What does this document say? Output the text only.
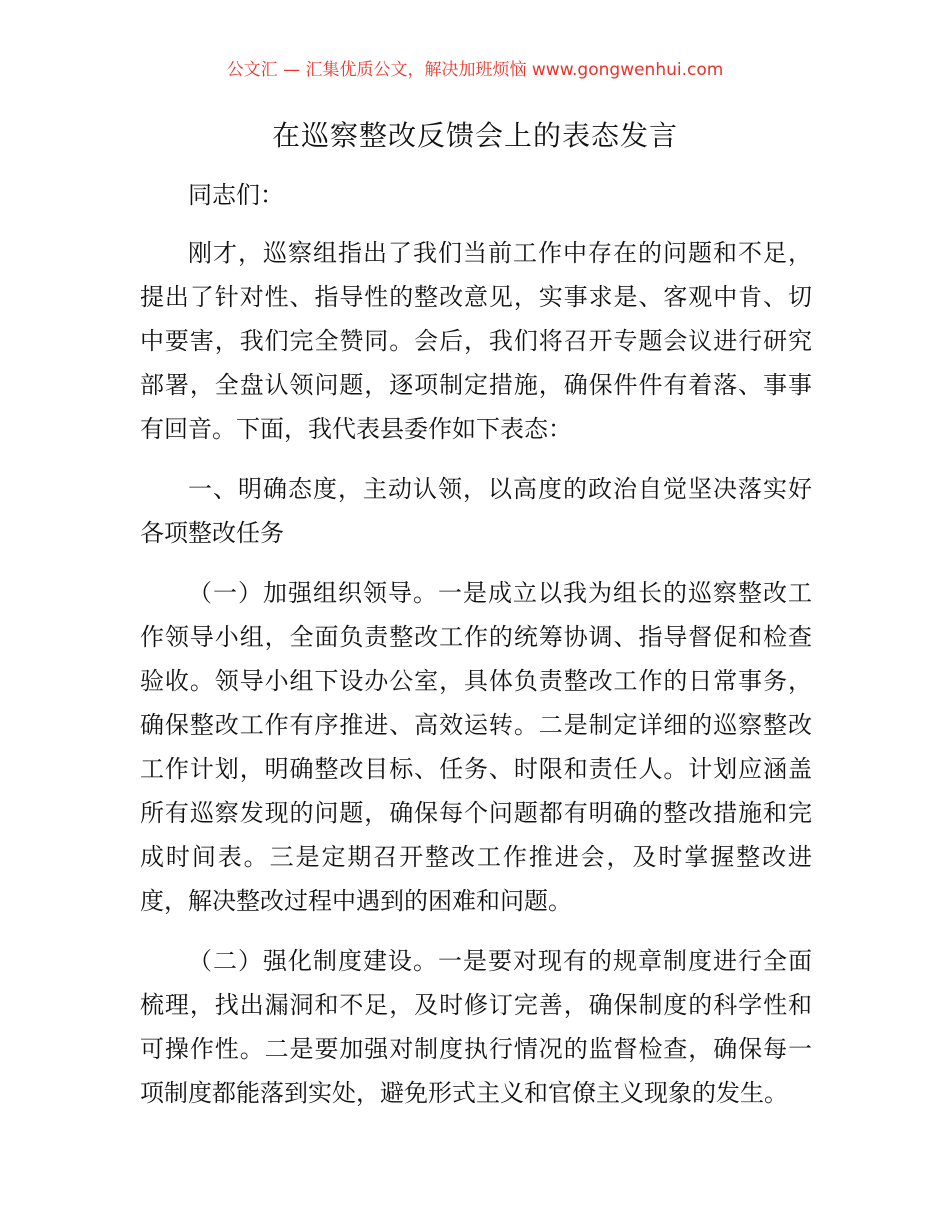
公文汇 — 汇集优质公文，解决加班烦恼 www.gongwenhui.com
在巡察整改反馈会上的表态发言
同志们：
刚才，巡察组指出了我们当前工作中存在的问题和不足，
提出了针对性、指导性的整改意见，实事求是、客观中肯、切
中要害，我们完全赞同。会后，我们将召开专题会议进行研究
部署，全盘认领问题，逐项制定措施，确保件件有着落、事事
有回音。下面，我代表县委作如下表态：
一、明确态度，主动认领，以高度的政治自觉坚决落实好
各项整改任务
（一）加强组织领导。一是成立以我为组长的巡察整改工
作领导小组，全面负责整改工作的统筹协调、指导督促和检查
验收。领导小组下设办公室，具体负责整改工作的日常事务，
确保整改工作有序推进、高效运转。二是制定详细的巡察整改
工作计划，明确整改目标、任务、时限和责任人。计划应涵盖
所有巡察发现的问题，确保每个问题都有明确的整改措施和完
成时间表。三是定期召开整改工作推进会，及时掌握整改进
度，解决整改过程中遇到的困难和问题。
（二）强化制度建设。一是要对现有的规章制度进行全面
梳理，找出漏洞和不足，及时修订完善，确保制度的科学性和
可操作性。二是要加强对制度执行情况的监督检查，确保每一
项制度都能落到实处，避免形式主义和官僚主义现象的发生。
